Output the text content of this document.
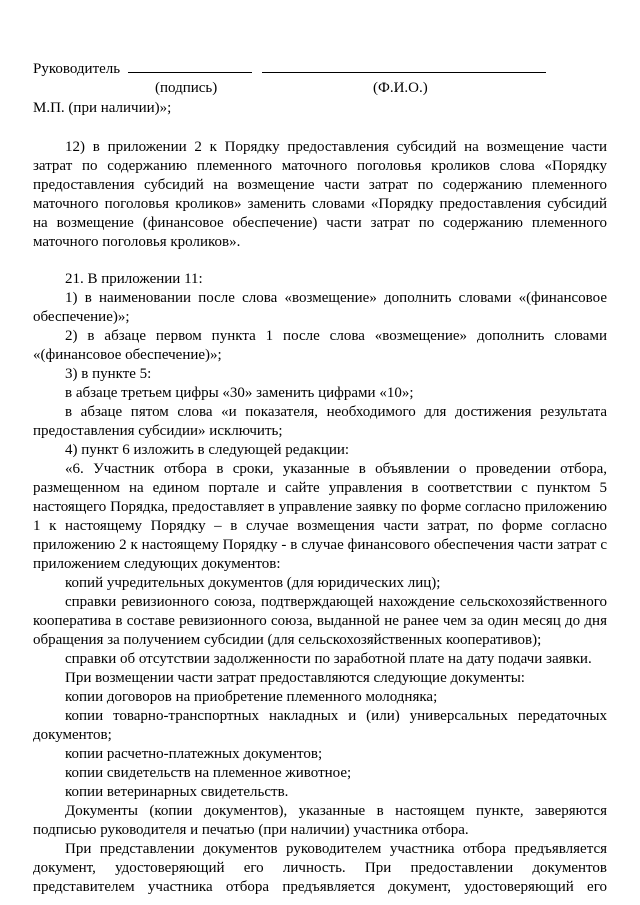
Руководитель
(подпись)	(Ф.И.О.)
М.П. (при наличии)»;

12) в приложении 2 к Порядку предоставления субсидий на возмещение части затрат по содержанию племенного маточного поголовья кроликов слова «Порядку предоставления субсидий на возмещение части затрат по содержанию племенного маточного поголовья кроликов» заменить словами «Порядку предоставления субсидий на возмещение (финансовое обеспечение) части затрат по содержанию племенного маточного поголовья кроликов».

21. В приложении 11:

1) в наименовании после слова «возмещение» дополнить словами «(финансовое обеспечение)»;

2) в абзаце первом пункта 1 после слова «возмещение» дополнить словами «(финансовое обеспечение)»;

3) в пункте 5:

в абзаце третьем цифры «30» заменить цифрами «10»;

в абзаце пятом слова «и показателя, необходимого для достижения результата предоставления субсидии» исключить;

4) пункт 6 изложить в следующей редакции:

«6. Участник отбора в сроки, указанные в объявлении о проведении отбора, размещенном на едином портале и сайте управления в соответствии с пунктом 5 настоящего Порядка, предоставляет в управление заявку по форме согласно приложению 1 к настоящему Порядку – в случае возмещения части затрат, по форме согласно приложению 2 к настоящему Порядку - в случае финансового обеспечения части затрат с приложением следующих документов:

копий учредительных документов (для юридических лиц);

справки ревизионного союза, подтверждающей нахождение сельскохозяйственного кооператива в составе ревизионного союза, выданной не ранее чем за один месяц до дня обращения за получением субсидии (для сельскохозяйственных кооперативов);

справки об отсутствии задолженности по заработной плате на дату подачи заявки.

При возмещении части затрат предоставляются следующие документы:

копии договоров на приобретение племенного молодняка;

копии товарно-транспортных накладных и (или) универсальных передаточных документов;

копии расчетно-платежных документов;

копии свидетельств на племенное животное;

копии ветеринарных свидетельств.

Документы (копии документов), указанные в настоящем пункте, заверяются подписью руководителя и печатью (при наличии) участника отбора.

При представлении документов руководителем участника отбора предъявляется документ, удостоверяющий его личность. При предоставлении документов представителем участника отбора предъявляется документ, удостоверяющий его
